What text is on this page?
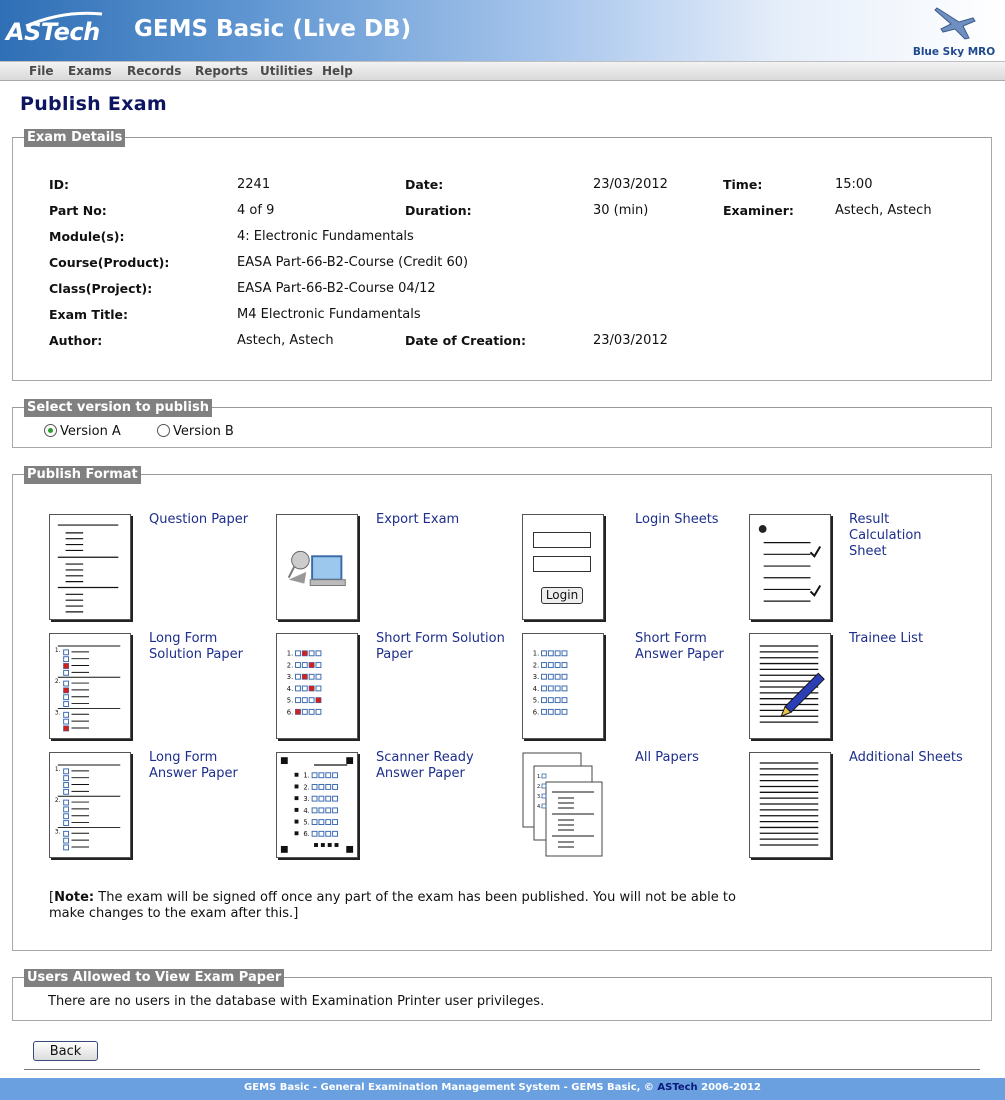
ASTech GEMS Basic (Live DB)
Blue Sky MRO
File Exams Records Reports Utilities Help
Publish Exam
Exam Details
ID:	2241	Date:	23/03/2012	Time:	15:00
Part No:	4 of 9	Duration:	30 (min)	Examiner:	Astech, Astech
Module(s):	4: Electronic Fundamentals
Course(Product):	EASA Part-66-B2-Course (Credit 60)
Class(Project):	EASA Part-66-B2-Course 04/12
Exam Title:	M4 Electronic Fundamentals
Author:	Astech, Astech	Date of Creation:	23/03/2012
Select version to publish
Version A	Version B
Publish Format
Question Paper	Export Exam
Login
Login Sheets	Result Calculation Sheet
1.
2.
3.
Long Form Solution Paper	1.
2.
3.
4.
5.
6.
Short Form Solution Paper	1.
2.
3.
4.
5.
6.
Short Form Answer Paper
Trainee List
1.
2.
3.
Long Form Answer Paper	1.
2.
3.
4.
5.
6.
Scanner Ready Answer Paper	1.
2.
3.
4.
All Papers	Additional Sheets
[Note: The exam will be signed off once any part of the exam has been published. You will not be able to make changes to the exam after this.]
Users Allowed to View Exam Paper
There are no users in the database with Examination Printer user privileges.
Back
GEMS Basic - General Examination Management System - GEMS Basic, © ASTech 2006-2012
